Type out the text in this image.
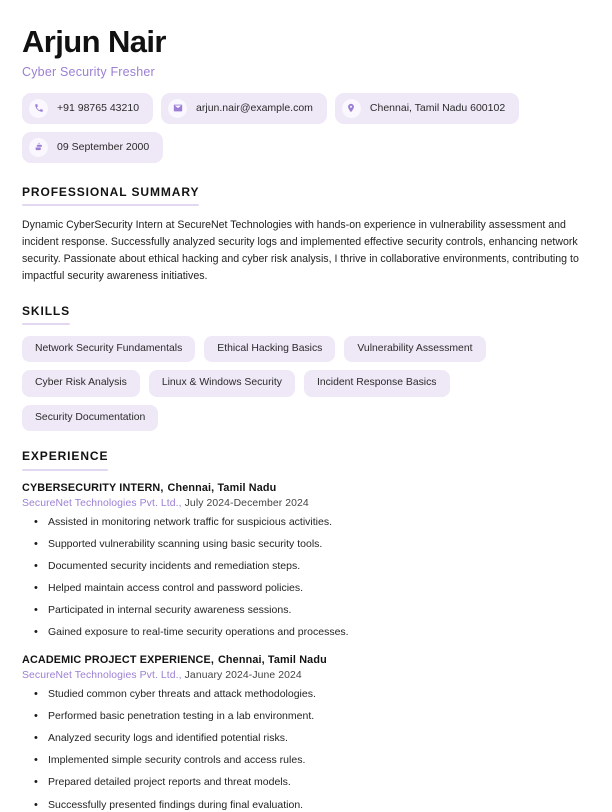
Arjun Nair
Cyber Security Fresher
+91 98765 43210	arjun.nair@example.com	Chennai, Tamil Nadu 600102
09 September 2000
PROFESSIONAL SUMMARY

Dynamic CyberSecurity Intern at SecureNet Technologies with hands-on experience in vulnerability assessment and incident response. Successfully analyzed security logs and implemented effective security controls, enhancing network security. Passionate about ethical hacking and cyber risk analysis, I thrive in collaborative environments, contributing to impactful security awareness initiatives.

SKILLS
Network Security Fundamentals	Ethical Hacking Basics	Vulnerability Assessment
Cyber Risk Analysis	Linux & Windows Security	Incident Response Basics
Security Documentation
EXPERIENCE
CYBERSECURITY INTERN, Chennai, Tamil Nadu
SecureNet Technologies Pvt. Ltd., July 2024-December 2024
• Assisted in monitoring network traffic for suspicious activities.
• Supported vulnerability scanning using basic security tools.
• Documented security incidents and remediation steps.
• Helped maintain access control and password policies.
• Participated in internal security awareness sessions.
• Gained exposure to real-time security operations and processes.
ACADEMIC PROJECT EXPERIENCE, Chennai, Tamil Nadu
SecureNet Technologies Pvt. Ltd., January 2024-June 2024
• Studied common cyber threats and attack methodologies.
• Performed basic penetration testing in a lab environment.
• Analyzed security logs and identified potential risks.
• Implemented simple security controls and access rules.
• Prepared detailed project reports and threat models.
• Successfully presented findings during final evaluation.
